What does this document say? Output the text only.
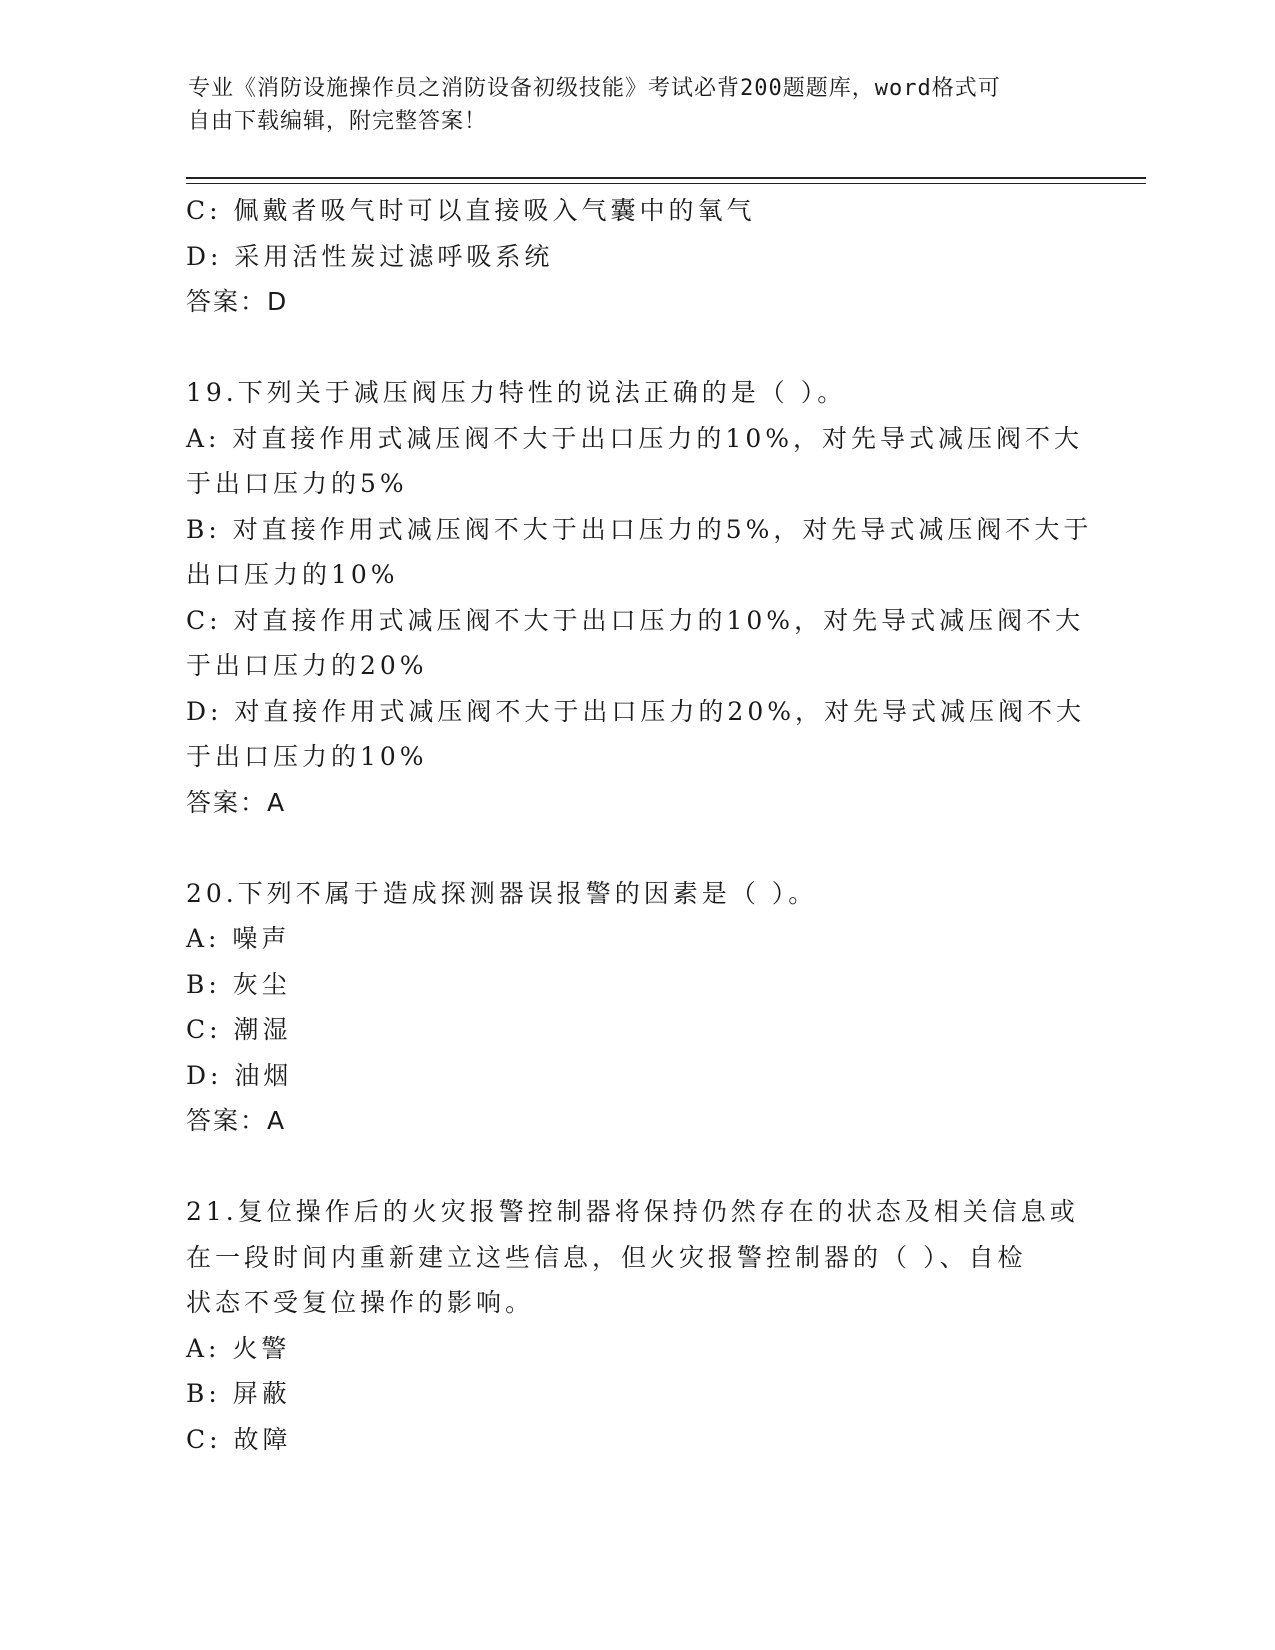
专业《消防设施操作员之消防设备初级技能》考试必背200题题库，word格式可
自由下载编辑，附完整答案！
C: 佩戴者吸气时可以直接吸入气囊中的氧气
D: 采用活性炭过滤呼吸系统
答案：D
19.下列关于减压阀压力特性的说法正确的是（ ）。
A: 对直接作用式减压阀不大于出口压力的10%，对先导式减压阀不大
于出口压力的5%
B: 对直接作用式减压阀不大于出口压力的5%，对先导式减压阀不大于
出口压力的10%
C: 对直接作用式减压阀不大于出口压力的10%，对先导式减压阀不大
于出口压力的20%
D: 对直接作用式减压阀不大于出口压力的20%，对先导式减压阀不大
于出口压力的10%
答案：A
20.下列不属于造成探测器误报警的因素是（ ）。
A: 噪声
B: 灰尘
C: 潮湿
D: 油烟
答案：A
21.复位操作后的火灾报警控制器将保持仍然存在的状态及相关信息或
在一段时间内重新建立这些信息，但火灾报警控制器的（ ）、自检
状态不受复位操作的影响。
A: 火警
B: 屏蔽
C: 故障
